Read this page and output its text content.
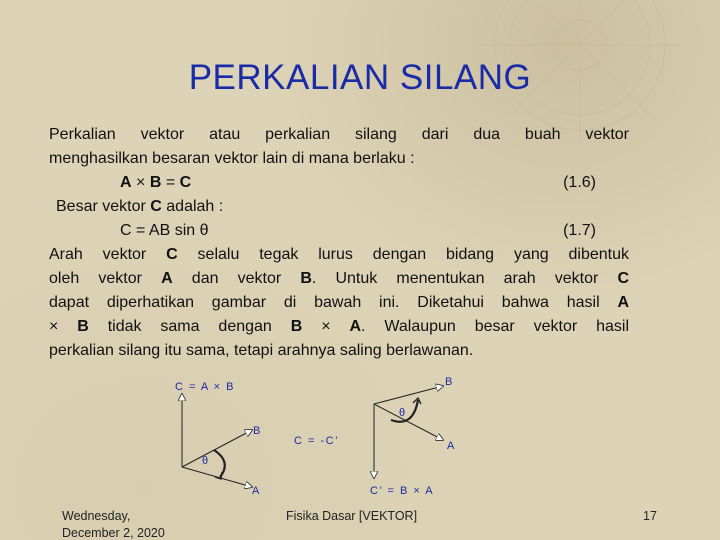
PERKALIAN SILANG
Perkalian vektor atau perkalian silang dari dua buah vektor
menghasilkan besaran vektor lain di mana berlaku :
A × B = C	(1.6)
Besar vektor C adalah :
C = AB sin θ	(1.7)
Arah vektor C selalu tegak lurus dengan bidang yang dibentuk
oleh vektor A dan vektor B. Untuk menentukan arah vektor C
dapat diperhatikan gambar di bawah ini. Diketahui bahwa hasil A
× B tidak sama dengan B × A. Walaupun besar vektor hasil
perkalian silang itu sama, tetapi arahnya saling berlawanan.
C = A × B
B
A
θ
C = -C’
B
A
θ
C’ = B × A
Wednesday,
December 2, 2020
Fisika Dasar [VEKTOR]	17
